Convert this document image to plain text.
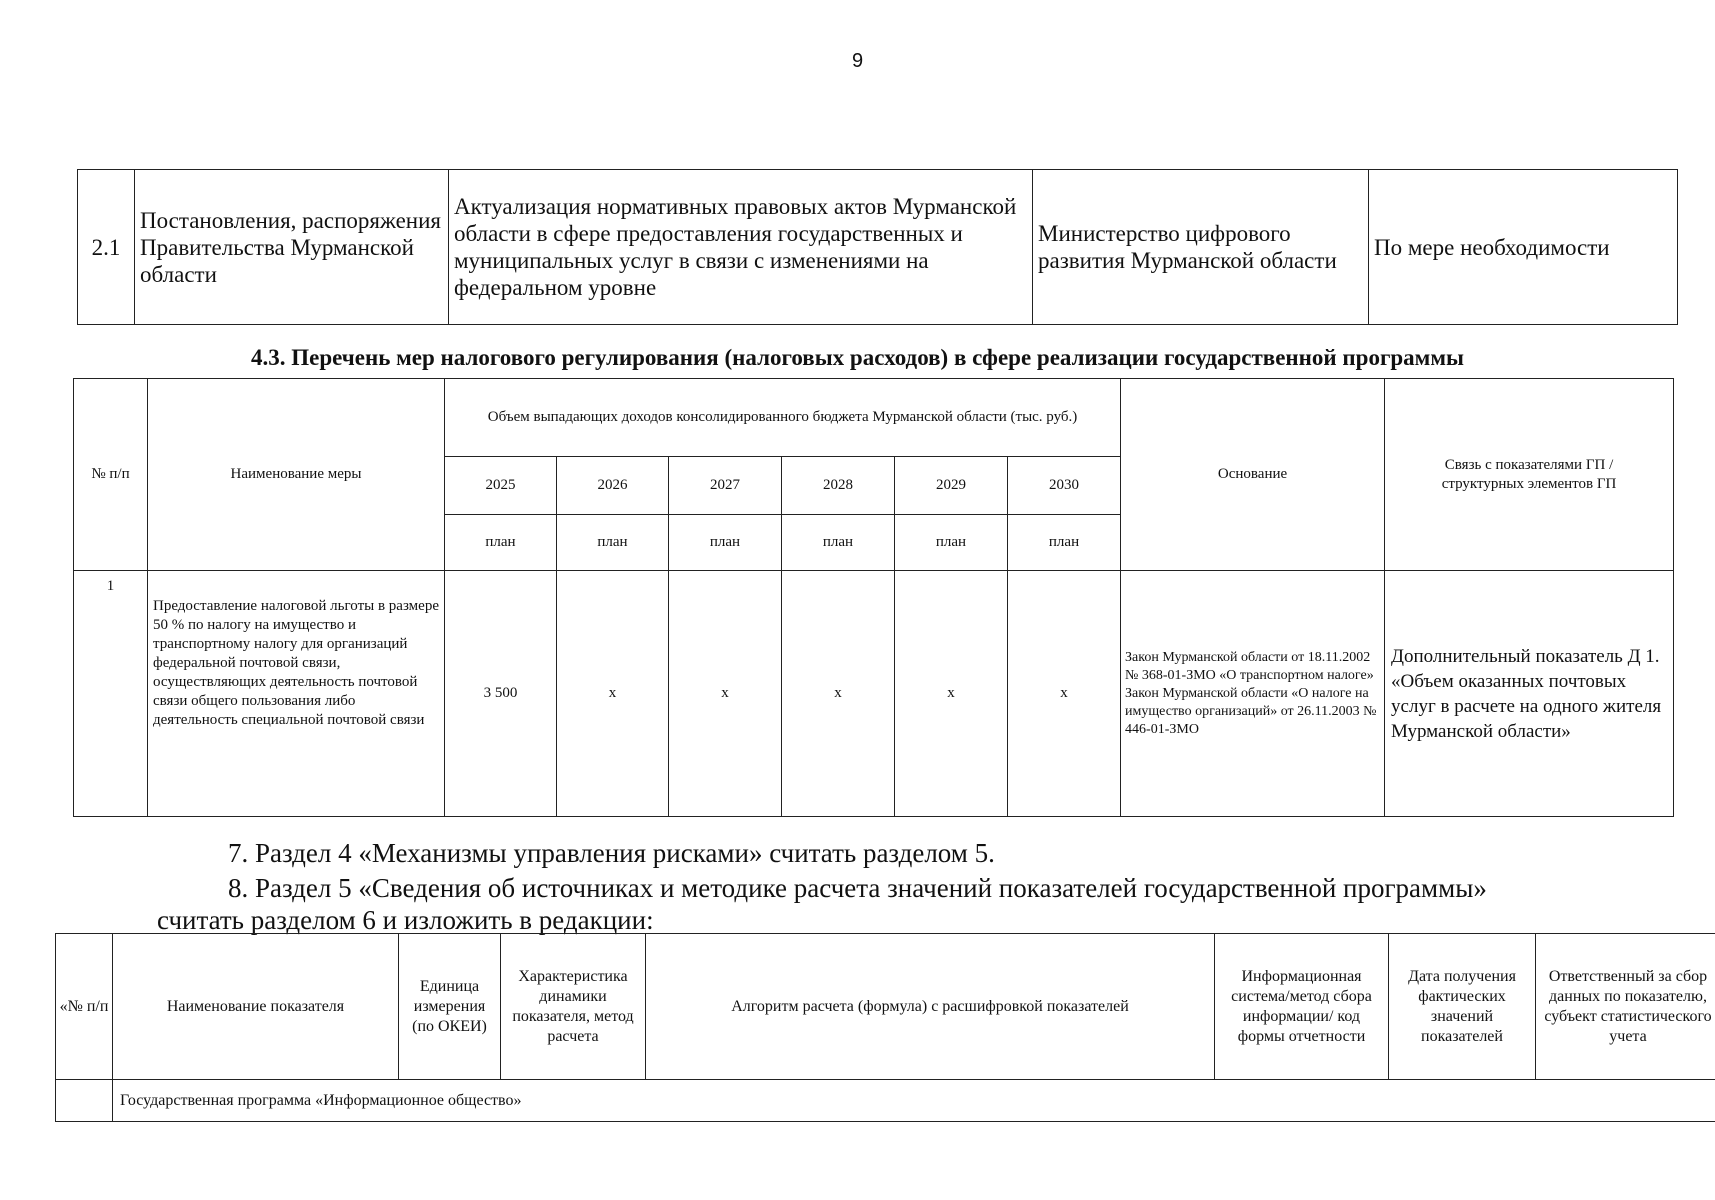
9
2.1	Постановления, распоряжения Правительства Мурманской области	Актуализация нормативных правовых актов Мурманской области в сфере предоставления государственных и муниципальных услуг в связи с изменениями на федеральном уровне	Министерство цифрового развития Мурманской области	По мере необходимости
4.3. Перечень мер налогового регулирования (налоговых расходов) в сфере реализации государственной программы
№ п/п	Наименование меры	Объем выпадающих доходов консолидированного бюджета Мурманской области (тыс. руб.)						Основание	Связь с показателями ГП / структурных элементов ГП
		2025	2026	2027	2028	2029	2030		
		план	план	план	план	план	план		
1	Предоставление налоговой льготы в размере 50 % по налогу на имущество и транспортному налогу для организаций федеральной почтовой связи, осуществляющих деятельность почтовой связи общего пользования либо деятельность специальной почтовой связи	3 500	х	х	х	х	х	Закон Мурманской области от 18.11.2002 № 368-01-ЗМО «О транспортном налоге» Закон Мурманской области «О налоге на имущество организаций» от 26.11.2003 № 446-01-ЗМО	Дополнительный показатель Д 1. «Объем оказанных почтовых услуг в расчете на одного жителя Мурманской области»
7. Раздел 4 «Механизмы управления рисками» считать разделом 5.
8. Раздел 5 «Сведения об источниках и методике расчета значений показателей государственной программы»
считать разделом 6 и изложить в редакции:
«№ п/п	Наименование показателя	Единица измерения (по ОКЕИ)	Характеристика динамики показателя, метод расчета	Алгоритм расчета (формула) с расшифровкой показателей	Информационная система/метод сбора информации/ код формы отчетности	Дата получения фактических значений показателей	Ответственный за сбор данных по показателю, субъект статистического учета
	Государственная программа «Информационное общество»						
